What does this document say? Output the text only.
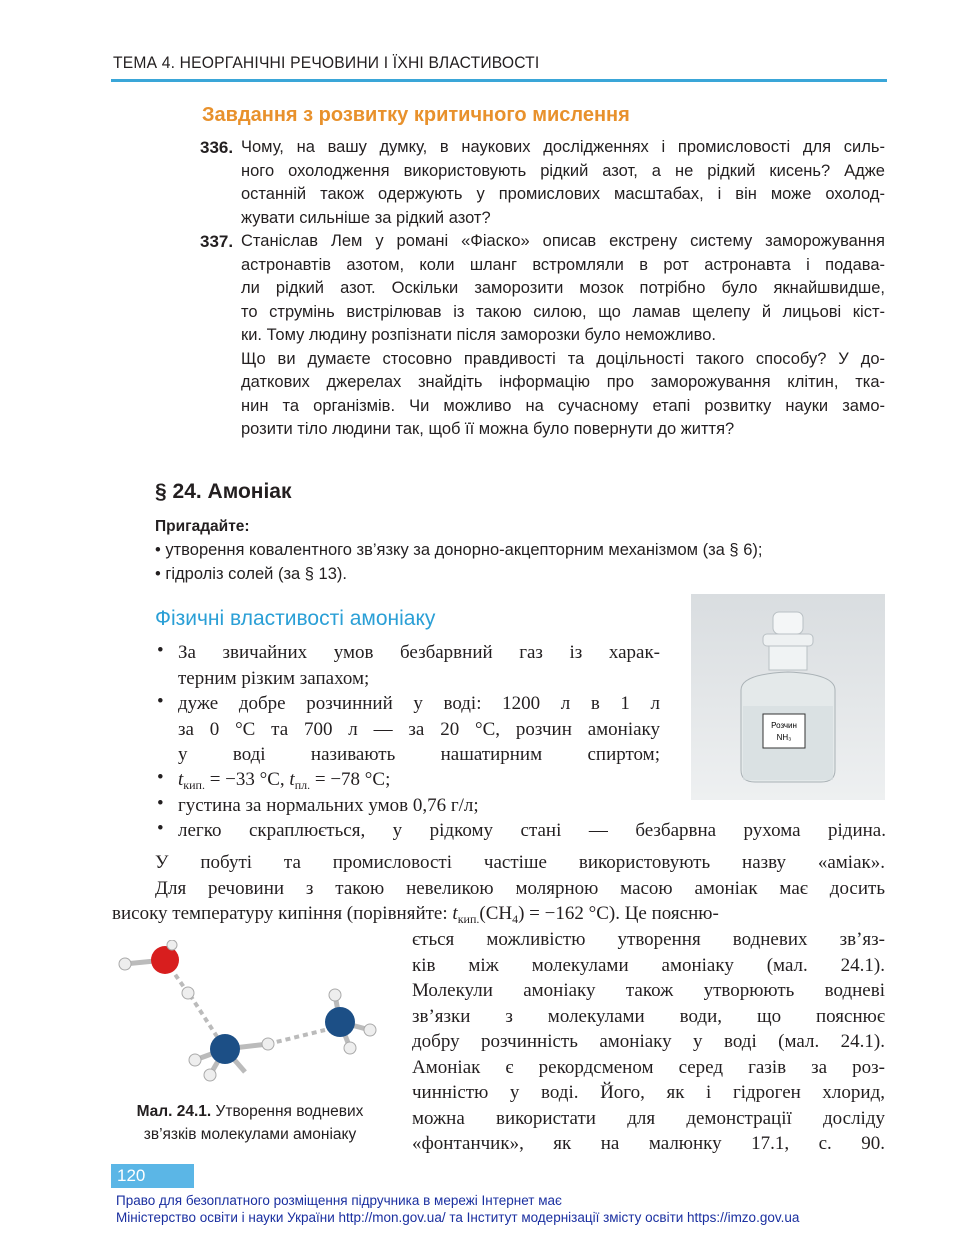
ТЕМА 4. НЕОРГАНІЧНІ РЕЧОВИНИ І ЇХНІ ВЛАСТИВОСТІ
Завдання з розвитку критичного мислення
336. Чому, на вашу думку, в наукових дослідженнях і промисловості для силь-
ного охолодження використовують рідкий азот, а не рідкий кисень? Адже
останній також одержують у промислових масштабах, і він може охолод-
жувати сильніше за рідкий азот?
337. Станіслав Лем у романі «Фіаско» описав екстрену систему заморожування
астронавтів азотом, коли шланг встромляли в рот астронавта і подава-
ли рідкий азот. Оскільки заморозити мозок потрібно було якнайшвидше,
то струмінь вистрілював із такою силою, що ламав щелепу й лицьові кіст-
ки. Тому людину розпізнати після заморозки було неможливо.
Що ви думаєте стосовно правдивості та доцільності такого способу? У до-
даткових джерелах знайдіть інформацію про заморожування клітин, тка-
нин та організмів. Чи можливо на сучасному етапі розвитку науки замо-
розити тіло людини так, щоб її можна було повернути до життя?
§ 24. Амоніак
Пригадайте:
• утворення ковалентного зв’язку за донорно-акцепторним механізмом (за § 6);
• гідроліз солей (за § 13).
Фізичні властивості амоніаку
• За звичайних умов безбарвний газ із харак-
терним різким запахом;
• дуже добре розчинний у воді: 1200 л в 1 л
за 0 °С та 700 л — за 20 °С, розчин амоніаку
у воді називають нашатирним спиртом;
• $t_{кип.} = -33$ °С, $t_{пл.} = -78$ °С;
• густина за нормальних умов 0,76 г/л;
• легко скраплюється, у рідкому стані — безбарвна рухома рідина.
Розчин
NH₃
У побуті та промисловості частіше використовують назву «аміак».
Для речовини з такою невеликою молярною масою амоніак має досить
високу температуру кипіння (порівняйте: $t_{кип.}(CH_4) = -162$ °С). Це поясню-
ється можливістю утворення водневих зв’яз-
ків між молекулами амоніаку (мал. 24.1).
Молекули амоніаку також утворюють водневі
зв’язки з молекулами води, що пояснює
добру розчинність амоніаку у воді (мал. 24.1).
Амоніак є рекордсменом серед газів за роз-
чинністю у воді. Його, як і гідроген хлорид,
можна використати для демонстрації досліду
«фонтанчик», як на малюнку 17.1, с. 90.
Мал. 24.1. Утворення водневих
зв’язків молекулами амоніаку
120
Право для безоплатного розміщення підручника в мережі Інтернет має
Міністерство освіти і науки України http://mon.gov.ua/ та Інститут модернізації змісту освіти https://imzo.gov.ua
